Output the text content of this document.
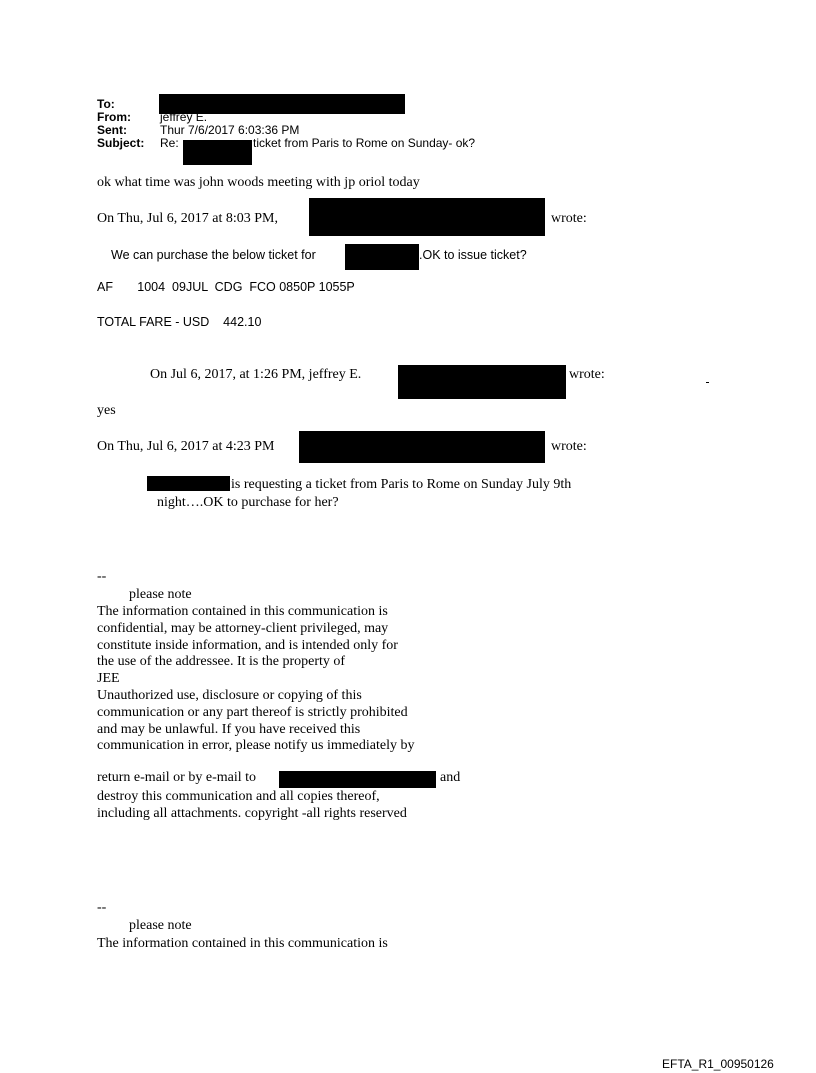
To:
From: jeffrey E.
Sent:	Thur 7/6/2017 6:03:36 PM
Subject: Re:	ticket from Paris to Rome on Sunday- ok?
ok what time was john woods meeting with jp oriol today
On Thu, Jul 6, 2017 at 8:03 PM,	wrote:
We can purchase the below ticket for	.OK to issue ticket?
AF       1004  09JUL  CDG  FCO 0850P 1055P
TOTAL FARE - USD    442.10
On Jul 6, 2017, at 1:26 PM, jeffrey E.	wrote:
yes
On Thu, Jul 6, 2017 at 4:23 PM	wrote:
is requesting a ticket from Paris to Rome on Sunday July 9th
night….OK to purchase for her?
--
please note
The information contained in this communication is
confidential, may be attorney-client privileged, may
constitute inside information, and is intended only for
the use of the addressee. It is the property of
JEE
Unauthorized use, disclosure or copying of this
communication or any part thereof is strictly prohibited
and may be unlawful. If you have received this
communication in error, please notify us immediately by
return e-mail or by e-mail to	and
destroy this communication and all copies thereof,
including all attachments. copyright -all rights reserved
--
please note
The information contained in this communication is
EFTA_R1_00950126
